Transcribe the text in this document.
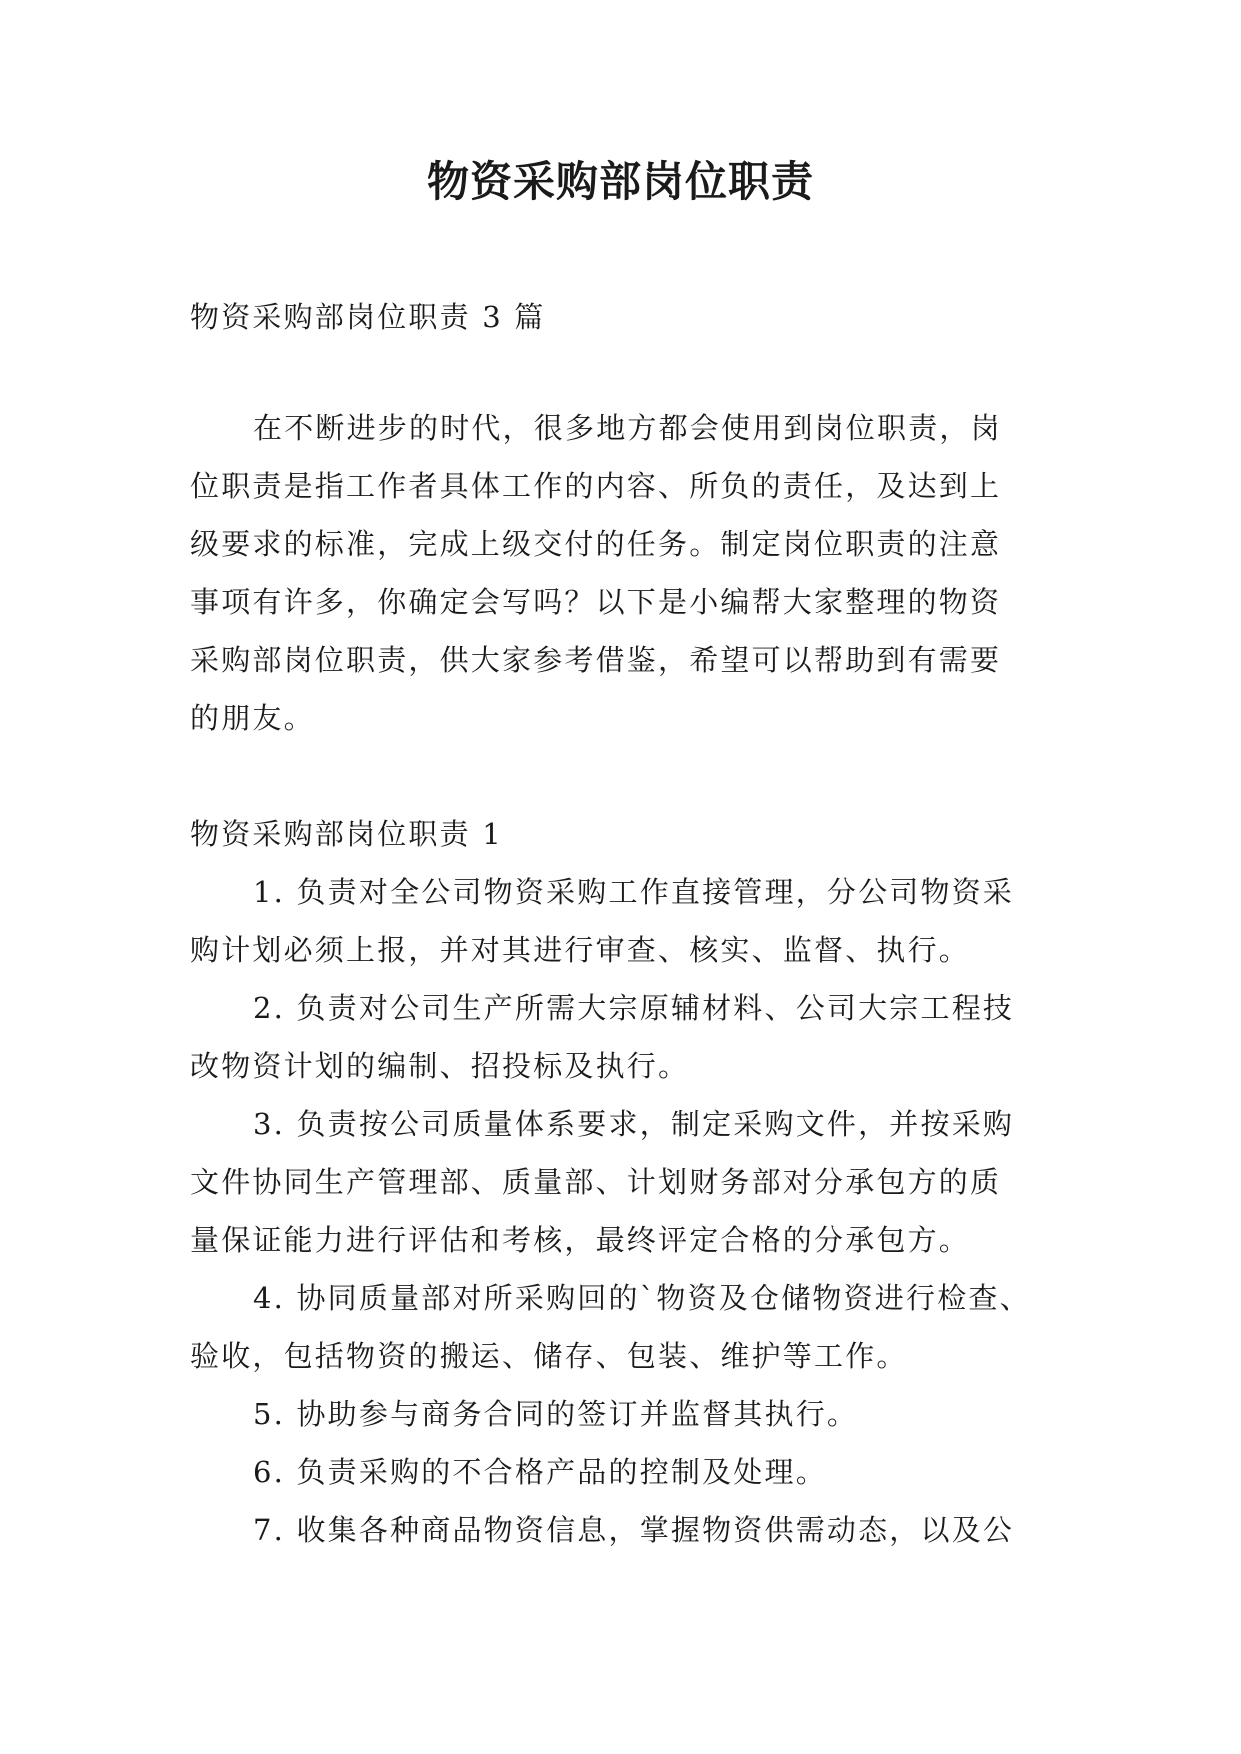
物资采购部岗位职责
物资采购部岗位职责 3 篇
在不断进步的时代，很多地方都会使用到岗位职责，岗
位职责是指工作者具体工作的内容、所负的责任，及达到上
级要求的标准，完成上级交付的任务。制定岗位职责的注意
事项有许多，你确定会写吗？以下是小编帮大家整理的物资
采购部岗位职责，供大家参考借鉴，希望可以帮助到有需要
的朋友。
物资采购部岗位职责 1
1. 负责对全公司物资采购工作直接管理，分公司物资采
购计划必须上报，并对其进行审查、核实、监督、执行。
2. 负责对公司生产所需大宗原辅材料、公司大宗工程技
改物资计划的编制、招投标及执行。
3. 负责按公司质量体系要求，制定采购文件，并按采购
文件协同生产管理部、质量部、计划财务部对分承包方的质
量保证能力进行评估和考核，最终评定合格的分承包方。
4. 协同质量部对所采购回的`物资及仓储物资进行检查、
验收，包括物资的搬运、储存、包装、维护等工作。
5. 协助参与商务合同的签订并监督其执行。
6. 负责采购的不合格产品的控制及处理。
7. 收集各种商品物资信息，掌握物资供需动态，以及公
